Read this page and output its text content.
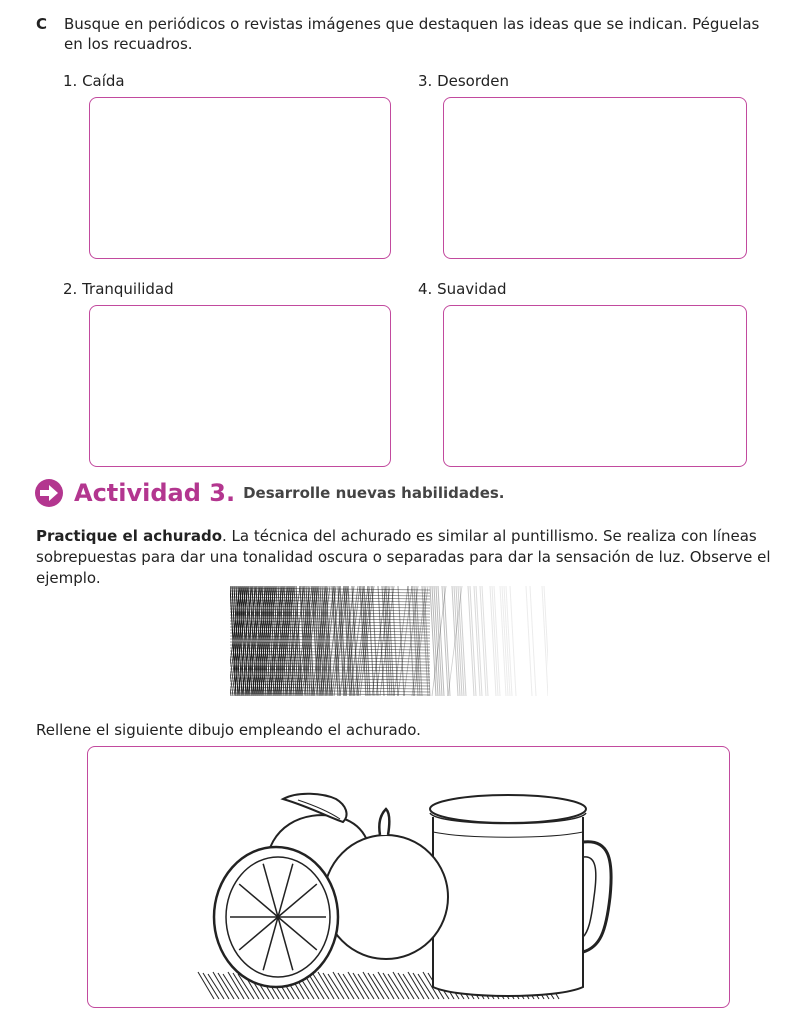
C Busque en periódicos o revistas imágenes que destaquen las ideas que se indican. Péguelas en los recuadros.
1. Caída	3. Desorden
2. Tranquilidad	4. Suavidad
Actividad 3. Desarrolle nuevas habilidades.
Practique el achurado. La técnica del achurado es similar al puntillismo. Se realiza con líneas sobrepuestas para dar una tonalidad oscura o separadas para dar la sensación de luz. Observe el ejemplo.
Rellene el siguiente dibujo empleando el achurado.
